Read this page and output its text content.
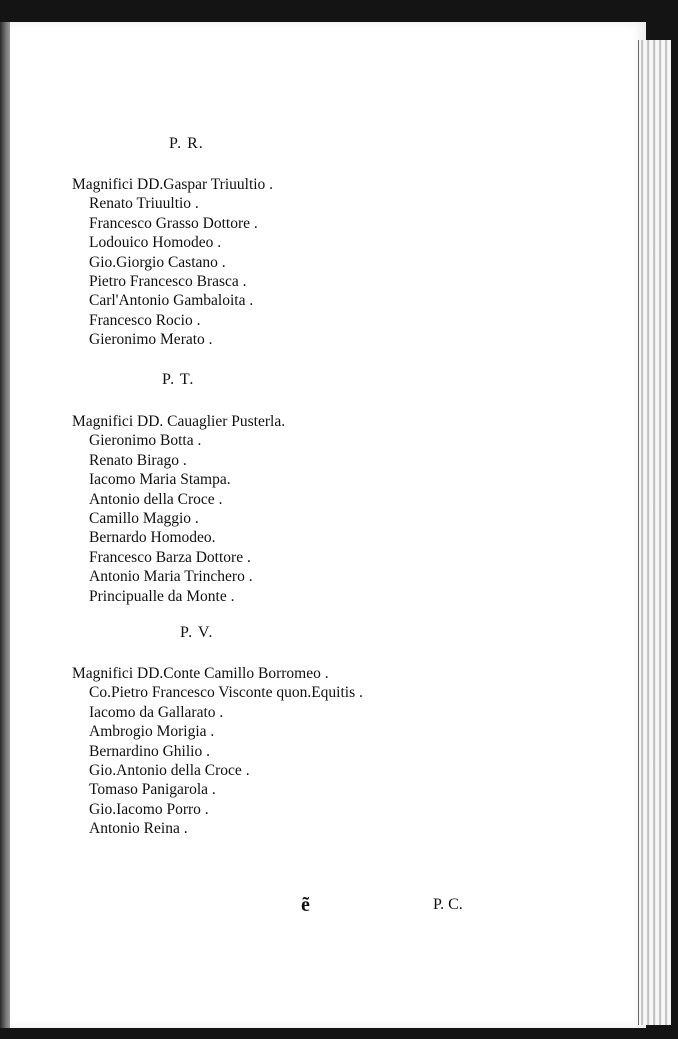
P. R.
Magnifici DD.Gaspar Triuultio .
Renato Triuultio .
Francesco Grasso Dottore .
Lodouico Homodeo .
Gio.Giorgio Castano .
Pietro Francesco Brasca .
Carl'Antonio Gambaloita .
Francesco Rocio .
Gieronimo Merato .
P. T.
Magnifici DD. Cauaglier Pusterla.
Gieronimo Botta .
Renato Birago .
Iacomo Maria Stampa.
Antonio della Croce .
Camillo Maggio .
Bernardo Homodeo.
Francesco Barza Dottore .
Antonio Maria Trinchero .
Principualle da Monte .
P. V.
Magnifici DD.Conte Camillo Borromeo .
Co.Pietro Francesco Visconte quon.Equitis .
Iacomo da Gallarato .
Ambrogio Morigia .
Bernardino Ghilio .
Gio.Antonio della Croce .
Tomaso Panigarola .
Gio.Iacomo Porro .
Antonio Reina .
ẽ	P. C.
